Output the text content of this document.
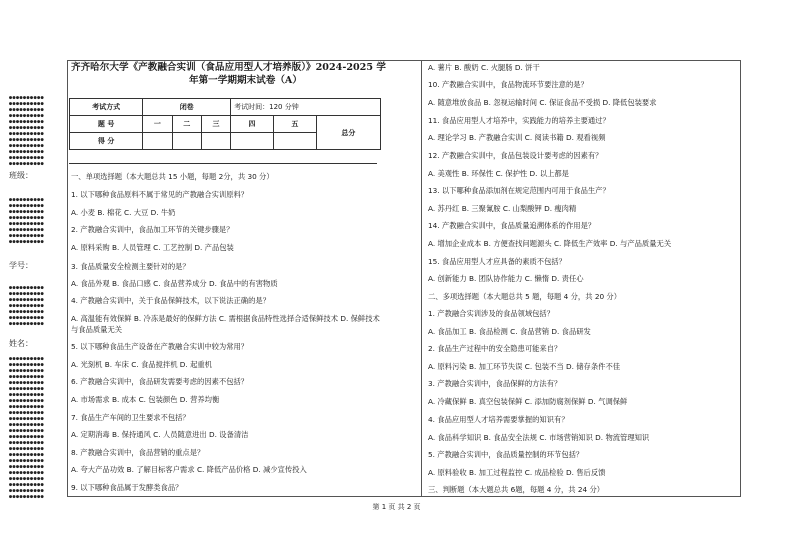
●●●●●●●●●●
●●●●●●●●●●
●●●●●●●●●●
●●●●●●●●●●
●●●●●●●●●●
●●●●●●●●●●
●●●●●●●●●●
●●●●●●●●●●
●●●●●●●●●●
●●●●●●●●●●
●●●●●●●●●●
●●●●●●●●●●
班级：
●●●●●●●●●●
●●●●●●●●●●
●●●●●●●●●●
●●●●●●●●●●
●●●●●●●●●●
●●●●●●●●●●
●●●●●●●●●●
●●●●●●●●●●
学号：
●●●●●●●●●●
●●●●●●●●●●
●●●●●●●●●●
●●●●●●●●●●
●●●●●●●●●●
●●●●●●●●●●
●●●●●●●●●●
姓名：
●●●●●●●●●●
●●●●●●●●●●
●●●●●●●●●●
●●●●●●●●●●
●●●●●●●●●●
●●●●●●●●●●
●●●●●●●●●●
●●●●●●●●●●
●●●●●●●●●●
●●●●●●●●●●
●●●●●●●●●●
●●●●●●●●●●
●●●●●●●●●●
●●●●●●●●●●
●●●●●●●●●●
●●●●●●●●●●
●●●●●●●●●●
●●●●●●●●●●
●●●●●●●●●●
●●●●●●●●●●
●●●●●●●●●●
●●●●●●●●●●
●●●●●●●●●●
●●●●●●●●●●
齐齐哈尔大学《产教融合实训（食品应用型人才培养版）》2024-2025 学
年第一学期期末试卷（A）
考试方式	闭卷			考试时间：120 分钟		
题 号	一	二	三	四	五	总分
得 分						
一、单项选择题（本大题总共 15 小题，每题 2分，共 30 分）
1. 以下哪种食品原料不属于常见的产教融合实训原料？
A. 小麦 B. 棉花 C. 大豆 D. 牛奶
2. 产教融合实训中，食品加工环节的关键步骤是？
A. 原料采购 B. 人员管理 C. 工艺控制 D. 产品包装
3. 食品质量安全检测主要针对的是？
A. 食品外观 B. 食品口感 C. 食品营养成分 D. 食品中的有害物质
4. 产教融合实训中，关于食品保鲜技术，以下说法正确的是？
A. 高温能有效保鲜 B. 冷冻是最好的保鲜方法 C. 需根据食品特性选择合适保鲜技术 D. 保鲜技术与食品质量无关
5. 以下哪种食品生产设备在产教融合实训中较为常用？
A. 光刻机 B. 车床 C. 食品搅拌机 D. 起重机
6. 产教融合实训中，食品研发需要考虑的因素不包括？
A. 市场需求 B. 成本 C. 包装颜色 D. 营养均衡
7. 食品生产车间的卫生要求不包括？
A. 定期消毒 B. 保持通风 C. 人员随意进出 D. 设备清洁
8. 产教融合实训中，食品营销的重点是？
A. 夸大产品功效 B. 了解目标客户需求 C. 降低产品价格 D. 减少宣传投入
9. 以下哪种食品属于发酵类食品？
A. 薯片 B. 酸奶 C. 火腿肠 D. 饼干
10. 产教融合实训中，食品物流环节要注意的是？
A. 随意堆放食品 B. 忽视运输时间 C. 保证食品不受损 D. 降低包装要求
11. 食品应用型人才培养中，实践能力的培养主要通过？
A. 理论学习 B. 产教融合实训 C. 阅读书籍 D. 观看视频
12. 产教融合实训中，食品包装设计要考虑的因素有？
A. 美观性 B. 环保性 C. 保护性 D. 以上都是
13. 以下哪种食品添加剂在规定范围内可用于食品生产？
A. 苏丹红 B. 三聚氰胺 C. 山梨酸钾 D. 瘦肉精
14. 产教融合实训中，食品质量追溯体系的作用是？
A. 增加企业成本 B. 方便查找问题源头 C. 降低生产效率 D. 与产品质量无关
15. 食品应用型人才应具备的素质不包括？
A. 创新能力 B. 团队协作能力 C. 懒惰 D. 责任心
二、多项选择题（本大题总共 5 题，每题 4 分，共 20 分）
1. 产教融合实训涉及的食品领域包括？
A. 食品加工 B. 食品检测 C. 食品营销 D. 食品研发
2. 食品生产过程中的安全隐患可能来自？
A. 原料污染 B. 加工环节失误 C. 包装不当 D. 储存条件不佳
3. 产教融合实训中，食品保鲜的方法有？
A. 冷藏保鲜 B. 真空包装保鲜 C. 添加防腐剂保鲜 D. 气调保鲜
4. 食品应用型人才培养需要掌握的知识有？
A. 食品科学知识 B. 食品安全法规 C. 市场营销知识 D. 物流管理知识
5. 产教融合实训中，食品质量控制的环节包括？
A. 原料验收 B. 加工过程监控 C. 成品检验 D. 售后反馈
三、判断题（本大题总共 6题，每题 4 分，共 24 分）
第 1 页 共 2 页
